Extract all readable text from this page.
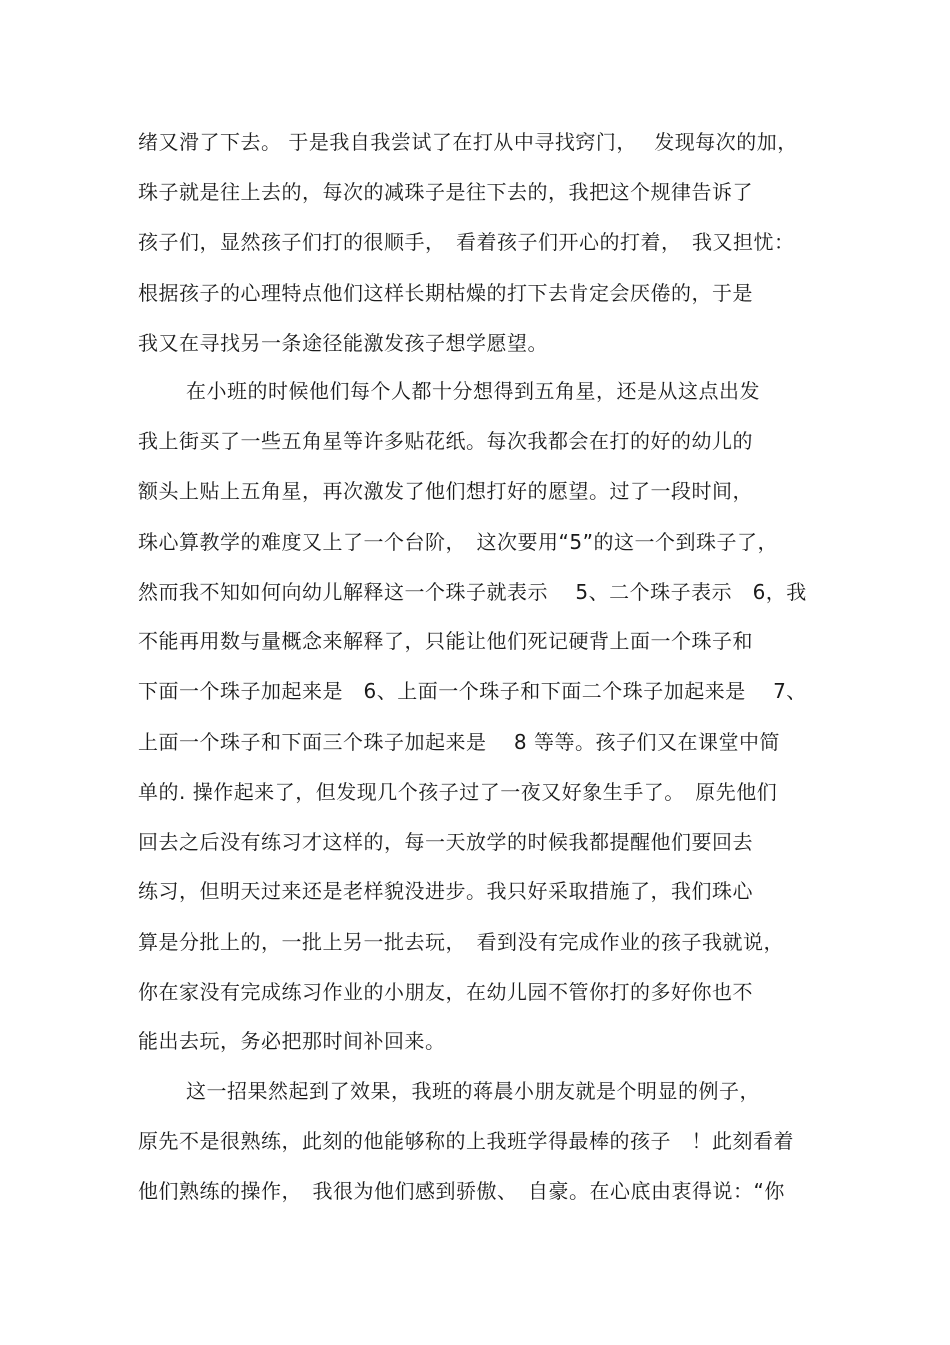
绪又滑了下去。 于是我自我尝试了在打从中寻找窍门，　 发现每次的加，
珠子就是往上去的，每次的减珠子是往下去的，我把这个规律告诉了
孩子们，显然孩子们打的很顺手，　看着孩子们开心的打着，　我又担忧：
根据孩子的心理特点他们这样长期枯燥的打下去肯定会厌倦的，于是
我又在寻找另一条途径能激发孩子想学愿望。
在小班的时候他们每个人都十分想得到五角星，还是从这点出发
我上街买了一些五角星等许多贴花纸。每次我都会在打的好的幼儿的
额头上贴上五角星，再次激发了他们想打好的愿望。过了一段时间，
珠心算教学的难度又上了一个台阶，　这次要用“5”的这一个到珠子了，
然而我不知如何向幼儿解释这一个珠子就表示　 5、二个珠子表示　6，我
不能再用数与量概念来解释了，只能让他们死记硬背上面一个珠子和
下面一个珠子加起来是　6、上面一个珠子和下面二个珠子加起来是　 7、
上面一个珠子和下面三个珠子加起来是　 8 等等。孩子们又在课堂中简
单的. 操作起来了，但发现几个孩子过了一夜又好象生手了。　原先他们
回去之后没有练习才这样的，每一天放学的时候我都提醒他们要回去
练习，但明天过来还是老样貌没进步。我只好采取措施了，我们珠心
算是分批上的，一批上另一批去玩，　看到没有完成作业的孩子我就说，
你在家没有完成练习作业的小朋友，在幼儿园不管你打的多好你也不
能出去玩，务必把那时间补回来。
这一招果然起到了效果，我班的蒋晨小朋友就是个明显的例子，
原先不是很熟练，此刻的他能够称的上我班学得最棒的孩子　！此刻看着
他们熟练的操作，　我很为他们感到骄傲、　自豪。在心底由衷得说：“你
